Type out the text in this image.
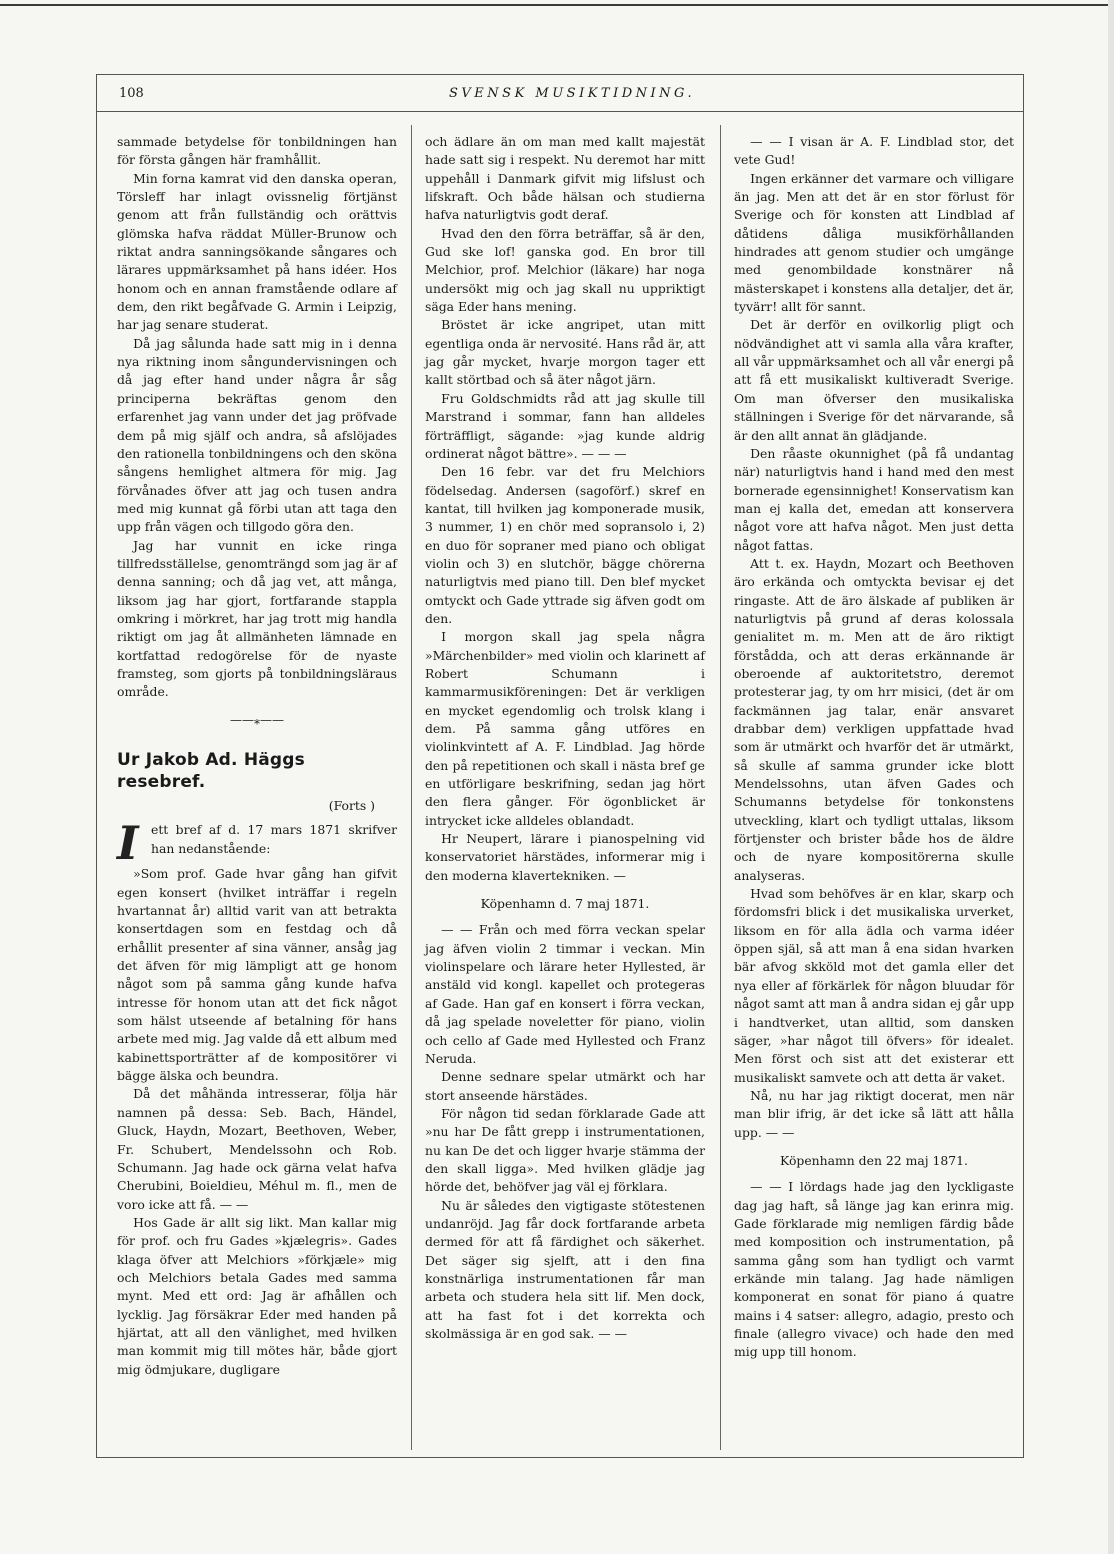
108	SVENSK MUSIKTIDNING.

sammade betydelse för tonbildningen han för första gången här framhållit.

Min forna kamrat vid den danska operan, Törsleff har inlagt ovissnelig förtjänst genom att från fullständig och orättvis glömska hafva räddat Müller-Brunow och riktat andra sanningsökande sångares och lärares uppmärksamhet på hans idéer. Hos honom och en annan framstående odlare af dem, den rikt begåfvade G. Armin i Leipzig, har jag senare studerat.

Då jag sålunda hade satt mig in i denna nya riktning inom sångundervisningen och då jag efter hand under några år såg principerna bekräftas genom den erfarenhet jag vann under det jag pröfvade dem på mig själf och andra, så afslöjades den rationella tonbildningens och den sköna sångens hemlighet altmera för mig. Jag förvånades öfver att jag och tusen andra med mig kunnat gå förbi utan att taga den upp från vägen och tillgodo göra den.

Jag har vunnit en icke ringa tillfredsställelse, genomträngd som jag är af denna sanning; och då jag vet, att många, liksom jag har gjort, fortfarande stappla omkring i mörkret, har jag trott mig handla riktigt om jag åt allmänheten lämnade en kortfattad redogörelse för de nyaste framsteg, som gjorts på tonbildningsläraus område.

——⁎——
Ur Jakob Ad. Häggs resebref.
(Forts )

I	ett bref af d. 17 mars 1871 skrifver han nedanstående:

»Som prof. Gade hvar gång han gifvit egen konsert (hvilket inträffar i regeln hvartannat år) alltid varit van att betrakta konsertdagen som en festdag och då erhållit presenter af sina vänner, ansåg jag det äfven för mig lämpligt att ge honom något som på samma gång kunde hafva intresse för honom utan att det fick något som hälst utseende af betalning för hans arbete med mig. Jag valde då ett album med kabinettsporträtter af de kompositörer vi bägge älska och beundra.

Då det måhända intresserar, följa här namnen på dessa: Seb. Bach, Händel, Gluck, Haydn, Mozart, Beethoven, Weber, Fr. Schubert, Mendelssohn och Rob. Schumann. Jag hade ock gärna velat hafva Cherubini, Boieldieu, Méhul m. fl., men de voro icke att få. — —

Hos Gade är allt sig likt. Man kallar mig för prof. och fru Gades »kjælegris». Gades klaga öfver att Melchiors »förkjæle» mig och Melchiors betala Gades med samma mynt. Med ett ord: Jag är afhållen och lycklig. Jag försäkrar Eder med handen på hjärtat, att all den vänlighet, med hvilken man kommit mig till mötes här, både gjort mig ödmjukare, dugligare

och ädlare än om man med kallt majestät hade satt sig i respekt. Nu deremot har mitt uppehåll i Danmark gifvit mig lifslust och lifskraft. Och både hälsan och studierna hafva naturligtvis godt deraf.

Hvad den den förra beträffar, så är den, Gud ske lof! ganska god. En bror till Melchior, prof. Melchior (läkare) har noga undersökt mig och jag skall nu uppriktigt säga Eder hans mening.

Bröstet är icke angripet, utan mitt egentliga onda är nervosité. Hans råd är, att jag går mycket, hvarje morgon tager ett kallt störtbad och så äter något järn.

Fru Goldschmidts råd att jag skulle till Marstrand i sommar, fann han alldeles förträffligt, sägande: »jag kunde aldrig ordinerat något bättre». — — —

Den 16 febr. var det fru Melchiors födelsedag. Andersen (sagoförf.) skref en kantat, till hvilken jag komponerade musik, 3 nummer, 1) en chör med sopransolo i, 2) en duo för sopraner med piano och obligat violin och 3) en slutchör, bägge chörerna naturligtvis med piano till. Den blef mycket omtyckt och Gade yttrade sig äfven godt om den.

I morgon skall jag spela några »Märchenbilder» med violin och klarinett af Robert Schumann i kammarmusikföreningen: Det är verkligen en mycket egendomlig och trolsk klang i dem. På samma gång utföres en violinkvintett af A. F. Lindblad. Jag hörde den på repetitionen och skall i nästa bref ge en utförligare beskrifning, sedan jag hört den flera gånger. För ögonblicket är intrycket icke alldeles oblandadt.

Hr Neupert, lärare i pianospelning vid konservatoriet härstädes, informerar mig i den moderna klavertekniken. —

Köpenhamn d. 7 maj 1871.

— — Från och med förra veckan spelar jag äfven violin 2 timmar i veckan. Min violinspelare och lärare heter Hyllested, är anstäld vid kongl. kapellet och protegeras af Gade. Han gaf en konsert i förra veckan, då jag spelade noveletter för piano, violin och cello af Gade med Hyllested och Franz Neruda.

Denne sednare spelar utmärkt och har stort anseende härstädes.

För någon tid sedan förklarade Gade att »nu har De fått grepp i instrumentationen, nu kan De det och ligger hvarje stämma der den skall ligga». Med hvilken glädje jag hörde det, behöfver jag väl ej förklara.

Nu är således den vigtigaste stötestenen undanröjd. Jag får dock fortfarande arbeta dermed för att få färdighet och säkerhet. Det säger sig sjelft, att i den fina konstnärliga instrumentationen får man arbeta och studera hela sitt lif. Men dock, att ha fast fot i det korrekta och skolmässiga är en god sak. — —

— — I visan är A. F. Lindblad stor, det vete Gud!

Ingen erkänner det varmare och villigare än jag. Men att det är en stor förlust för Sverige och för konsten att Lindblad af dåtidens dåliga musikförhållanden hindrades att genom studier och umgänge med genombildade konstnärer nå mästerskapet i konstens alla detaljer, det är, tyvärr! allt för sannt.

Det är derför en ovilkorlig pligt och nödvändighet att vi samla alla våra krafter, all vår uppmärksamhet och all vår energi på att få ett musikaliskt kultiveradt Sverige. Om man öfverser den musikaliska ställningen i Sverige för det närvarande, så är den allt annat än glädjande.

Den råaste okunnighet (på få undantag när) naturligtvis hand i hand med den mest bornerade egensinnighet! Konservatism kan man ej kalla det, emedan att konservera något vore att hafva något. Men just detta något fattas.

Att t. ex. Haydn, Mozart och Beethoven äro erkända och omtyckta bevisar ej det ringaste. Att de äro älskade af publiken är naturligtvis på grund af deras kolossala genialitet m. m. Men att de äro riktigt förstådda, och att deras erkännande är oberoende af auktoritetstro, deremot protesterar jag, ty om hrr misici, (det är om fackmännen jag talar, enär ansvaret drabbar dem) verkligen uppfattade hvad som är utmärkt och hvarför det är utmärkt, så skulle af samma grunder icke blott Mendelssohns, utan äfven Gades och Schumanns betydelse för tonkonstens utveckling, klart och tydligt uttalas, liksom förtjenster och brister både hos de äldre och de nyare kompositörerna skulle analyseras.

Hvad som behöfves är en klar, skarp och fördomsfri blick i det musikaliska urverket, liksom en för alla ädla och varma idéer öppen själ, så att man å ena sidan hvarken bär afvog skköld mot det gamla eller det nya eller af förkärlek för någon bluudar för något samt att man å andra sidan ej går upp i handtverket, utan alltid, som dansken säger, »har något till öfvers» för idealet. Men först och sist att det existerar ett musikaliskt samvete och att detta är vaket.

Nå, nu har jag riktigt docerat, men när man blir ifrig, är det icke så lätt att hålla upp. — —

Köpenhamn den 22 maj 1871.

— — I lördags hade jag den lyckligaste dag jag haft, så länge jag kan erinra mig. Gade förklarade mig nemligen färdig både med komposition och instrumentation, på samma gång som han tydligt och varmt erkände min talang. Jag hade nämligen komponerat en sonat för piano á quatre mains i 4 satser: allegro, adagio, presto och finale (allegro vivace) och hade den med mig upp till honom.
